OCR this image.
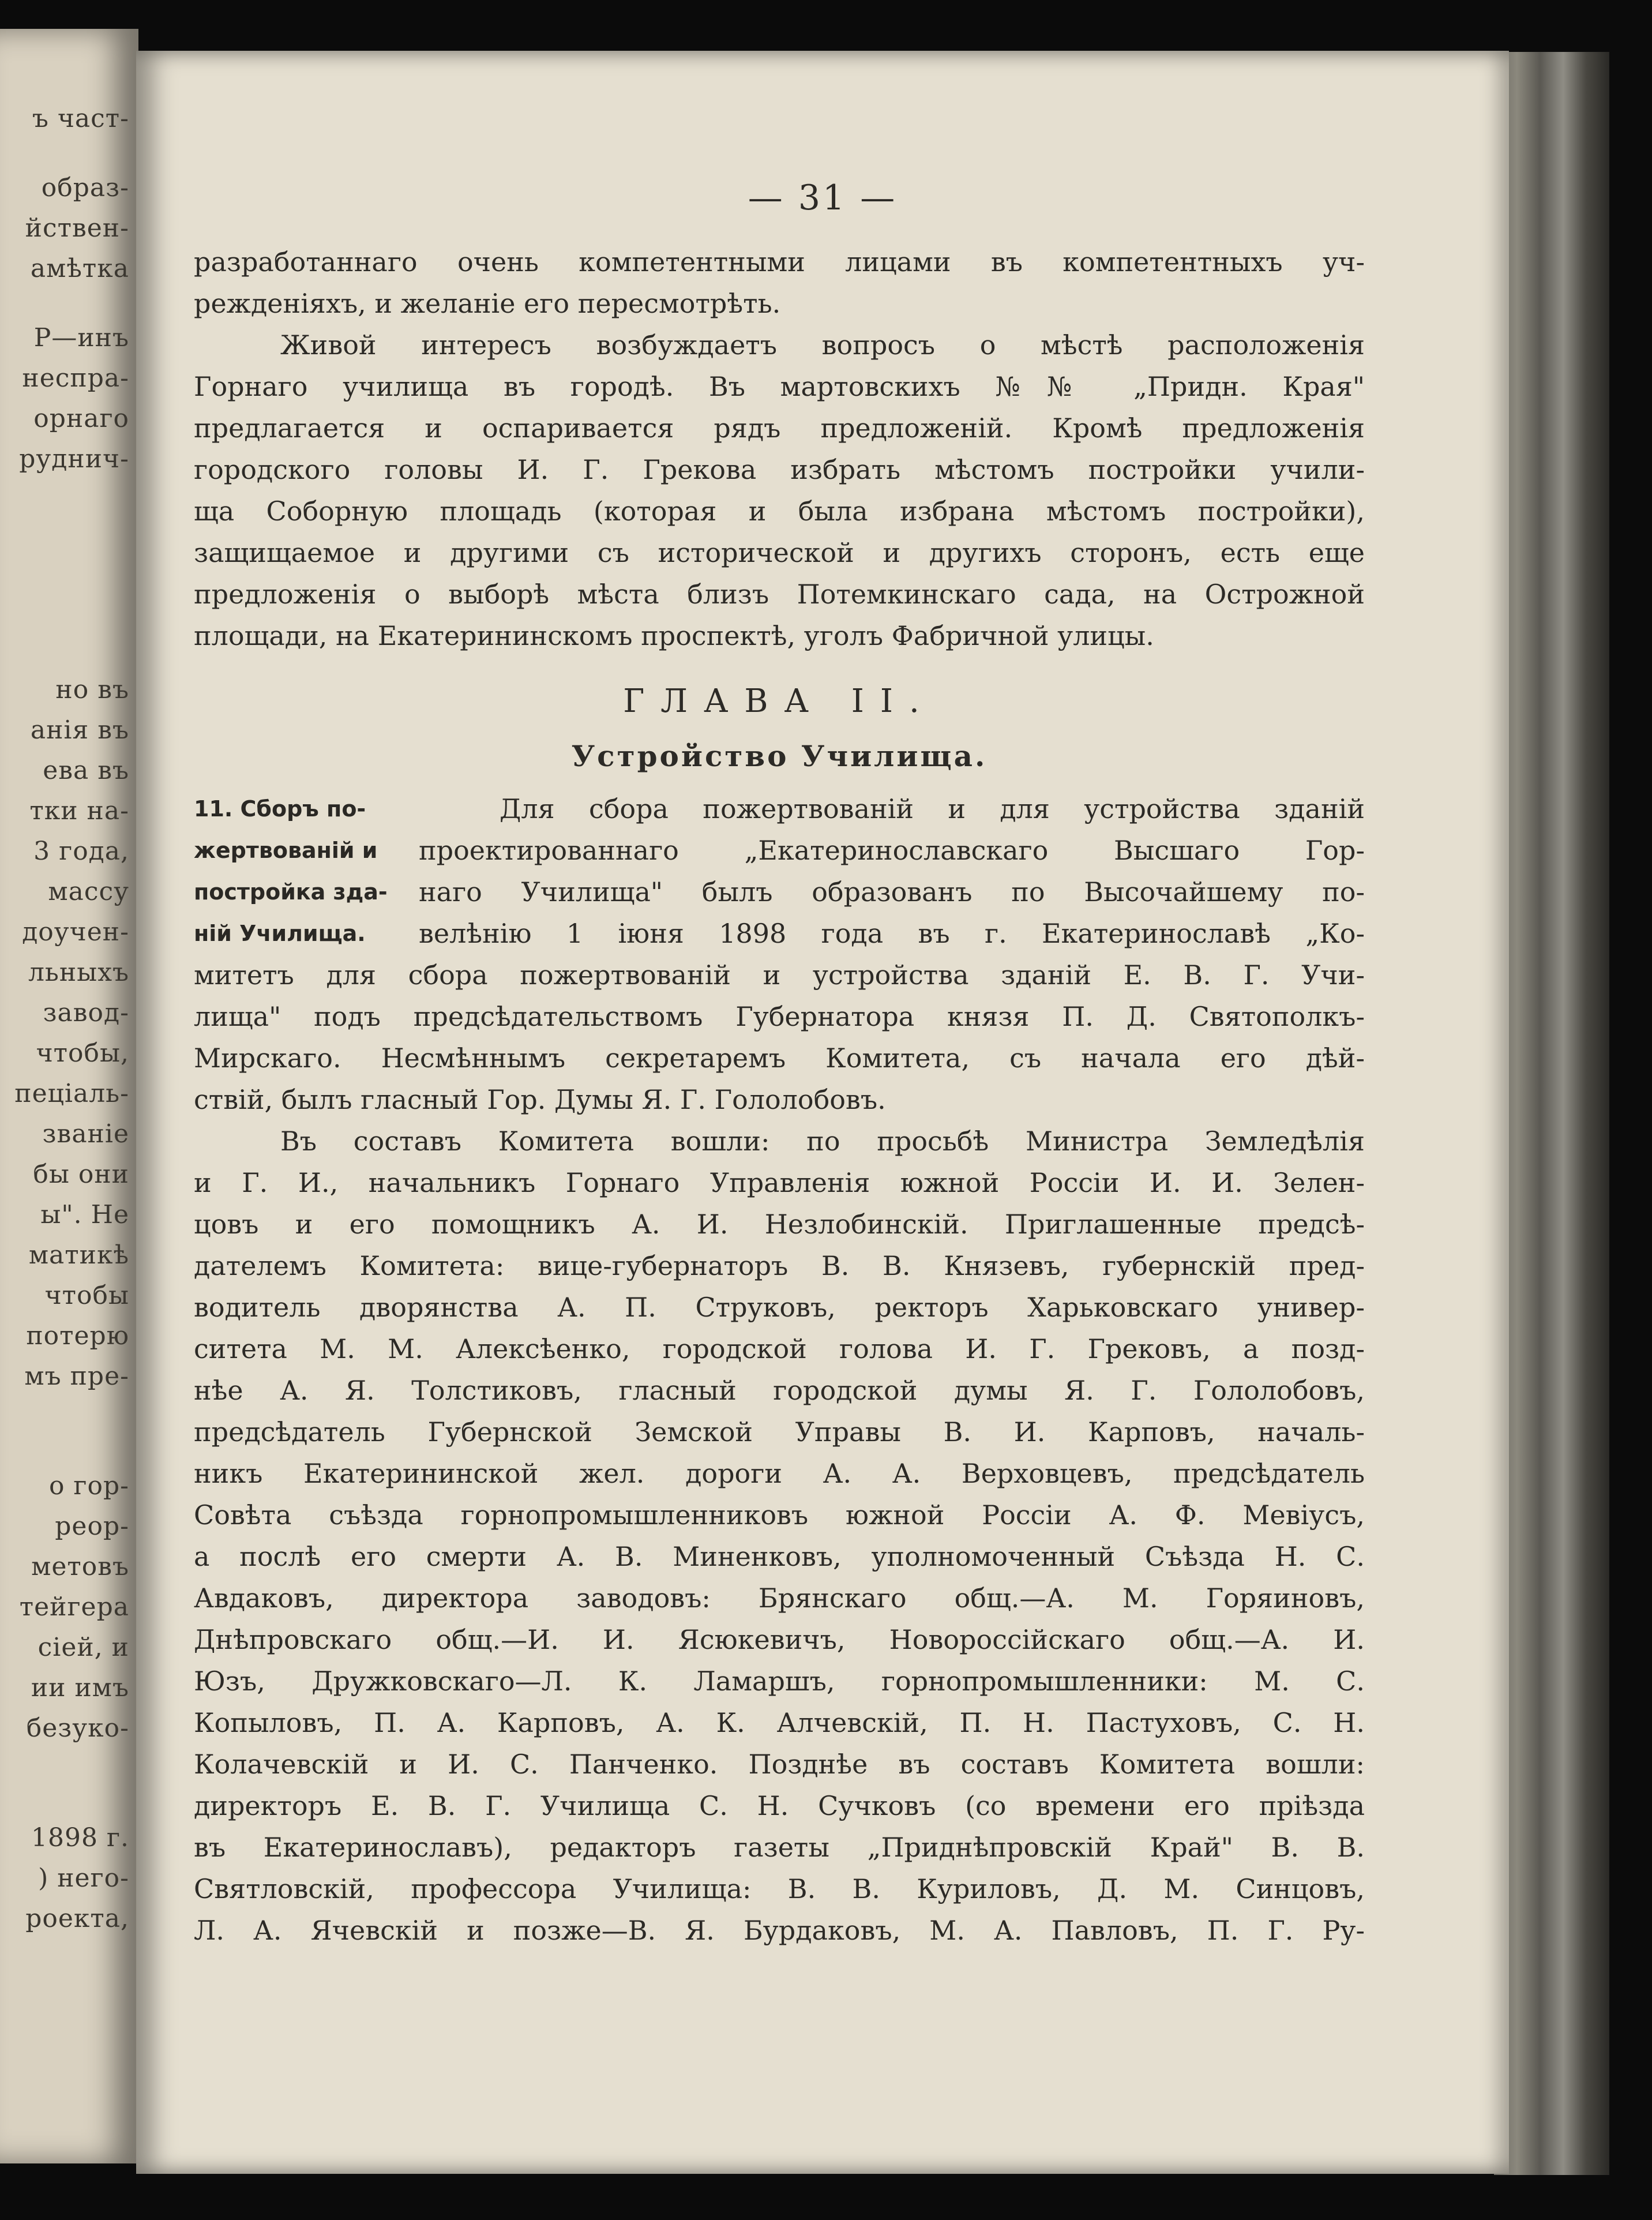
ъ част-
образ-
йствен-
амѣтка
Р—инъ
неспра-
орнаго
руднич-
но въ
анія въ
ева въ
тки на-
3 года,
массу
доучен-
льныхъ
завод-
чтобы,
пеціаль-
званіе
бы они
ы". Не
матикѣ
чтобы
потерю
мъ пре-
о гор-
реор-
метовъ
тейгера
сіей, и
ии имъ
безуко-
1898 г.
) него-
роекта,
— 31 —
разработаннаго очень компетентными лицами въ компетентныхъ уч-
режденіяхъ, и желаніе его пересмотрѣть.
Живой интересъ возбуждаетъ вопросъ о мѣстѣ расположенія
Горнаго училища въ городѣ. Въ мартовскихъ №№ „Придн. Края"
предлагается и оспаривается рядъ предложеній. Кромѣ предложенія
городского головы И. Г. Грекова избрать мѣстомъ постройки учили-
ща Соборную площадь (которая и была избрана мѣстомъ постройки),
защищаемое и другими съ исторической и другихъ сторонъ, есть еще
предложенія о выборѣ мѣста близъ Потемкинскаго сада, на Острожной
площади, на Екатерининскомъ проспектѣ, уголъ Фабричной улицы.
ГЛАВА II.
Устройство Училища.
11. Сборъ по-
жертвованій и
постройка зда-
ній Училища.
Для сбора пожертвованій и для устройства зданій
проектированнаго „Екатеринославскаго Высшаго Гор-
наго Училища" былъ образованъ по Высочайшему по-
велѣнію 1 іюня 1898 года въ г. Екатеринославѣ „Ко-
митетъ для сбора пожертвованій и устройства зданій Е. В. Г. Учи-
лища" подъ предсѣдательствомъ Губернатора князя П. Д. Святополкъ-
Мирскаго. Несмѣннымъ секретаремъ Комитета, съ начала его дѣй-
ствій, былъ гласный Гор. Думы Я. Г. Гололобовъ.
Въ составъ Комитета вошли: по просьбѣ Министра Земледѣлія
и Г. И., начальникъ Горнаго Управленія южной Россіи И. И. Зелен-
цовъ и его помощникъ А. И. Незлобинскій. Приглашенные предсѣ-
дателемъ Комитета: вице-губернаторъ В. В. Князевъ, губернскій пред-
водитель дворянства А. П. Струковъ, ректоръ Харьковскаго универ-
ситета М. М. Алексѣенко, городской голова И. Г. Грековъ, а позд-
нѣе А. Я. Толстиковъ, гласный городской думы Я. Г. Гололобовъ,
предсѣдатель Губернской Земской Управы В. И. Карповъ, началь-
никъ Екатерининской жел. дороги А. А. Верховцевъ, предсѣдатель
Совѣта съѣзда горнопромышленниковъ южной Россіи А. Ф. Мевіусъ,
а послѣ его смерти А. В. Миненковъ, уполномоченный Съѣзда Н. С.
Авдаковъ, директора заводовъ: Брянскаго общ.—А. М. Горяиновъ,
Днѣпровскаго общ.—И. И. Ясюкевичъ, Новороссійскаго общ.—А. И.
Юзъ, Дружковскаго—Л. К. Ламаршъ, горнопромышленники: М. С.
Копыловъ, П. А. Карповъ, А. К. Алчевскій, П. Н. Пастуховъ, С. Н.
Колачевскій и И. С. Панченко. Позднѣе въ составъ Комитета вошли:
директоръ Е. В. Г. Училища С. Н. Сучковъ (со времени его пріѣзда
въ Екатеринославъ), редакторъ газеты „Приднѣпровскій Край" В. В.
Святловскій, профессора Училища: В. В. Куриловъ, Д. М. Синцовъ,
Л. А. Ячевскій и позже—В. Я. Бурдаковъ, М. А. Павловъ, П. Г. Ру-
